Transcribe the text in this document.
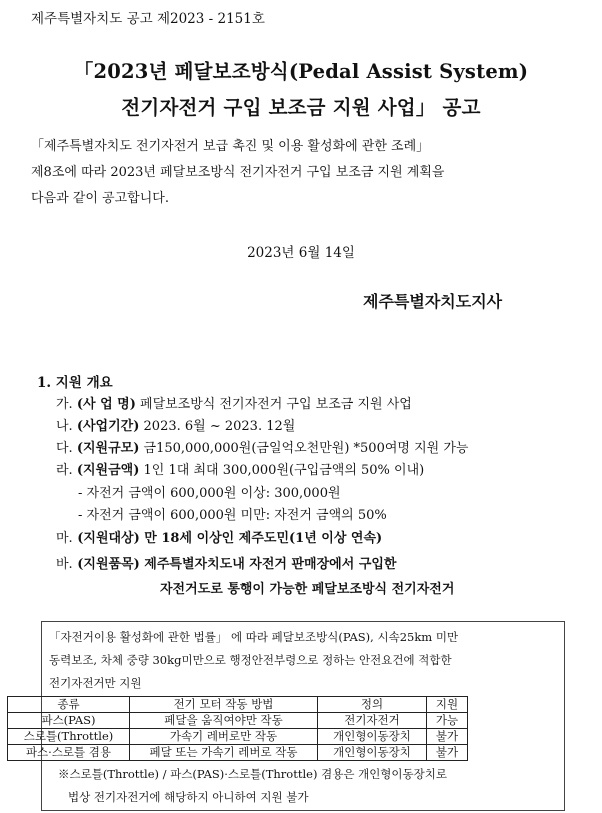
제주특별자치도 공고 제2023 - 2151호
「2023년 페달보조방식(Pedal Assist System)
전기자전거 구입 보조금 지원 사업」 공고
「제주특별자치도 전기자전거 보급 촉진 및 이용 활성화에 관한 조례」
제8조에 따라 2023년 페달보조방식 전기자전거 구입 보조금 지원 계획을
다음과 같이 공고합니다.
2023년 6월 14일
제주특별자치도지사
1. 지원 개요
가. (사 업 명) 페달보조방식 전기자전거 구입 보조금 지원 사업
나. (사업기간) 2023. 6월 ~ 2023. 12월
다. (지원규모) 금150,000,000원(금일억오천만원) *500여명 지원 가능
라. (지원금액) 1인 1대 최대 300,000원(구입금액의 50% 이내)
- 자전거 금액이 600,000원 이상: 300,000원
- 자전거 금액이 600,000원 미만: 자전거 금액의 50%
마. (지원대상) 만 18세 이상인 제주도민(1년 이상 연속)
바. (지원품목) 제주특별자치도내 자전거 판매장에서 구입한
자전거도로 통행이 가능한 페달보조방식 전기자전거
「자전거이용 활성화에 관한 법률」 에 따라 페달보조방식(PAS), 시속25km 미만
동력보조, 차체 중량 30kg미만으로 행정안전부령으로 정하는 안전요건에 적합한
전기자전거만 지원
종류	전기 모터 작동 방법	정의	지원
파스(PAS)	페달을 움직여야만 작동	전기자전거	가능
스로틀(Throttle)	가속기 레버로만 작동	개인형이동장치	불가
파스·스로틀 겸용	페달 또는 가속기 레버로 작동	개인형이동장치	불가
※스로틀(Throttle) / 파스(PAS)·스로틀(Throttle) 겸용은 개인형이동장치로
법상 전기자전거에 해당하지 아니하여 지원 불가
